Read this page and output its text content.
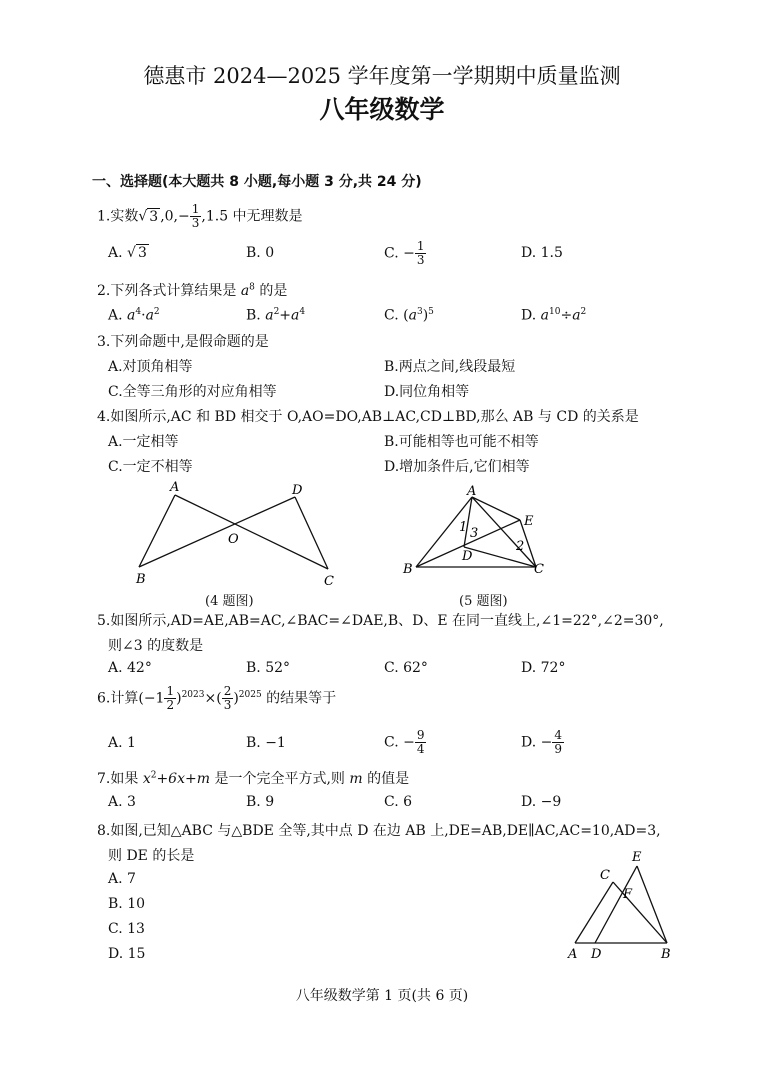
德惠市 2024—2025 学年度第一学期期中质量监测
八年级数学
一、选择题(本大题共 8 小题,每小题 3 分,共 24 分)
1.实数√ 3 $,0,- \frac{1}{3} ,1.5$ 中无理数是
A. √ 3	B. 0	C. − $\frac{1}{3}$	D. 1.5
2.下列各式计算结果是 $a^8$ 的是
A. $a^4\cdot a^2$	B. $a^2+a^4$	C. $(a^3)^5$	D. $a^{10}\div a^2$
3.下列命题中,是假命题的是
A.对顶角相等	B.两点之间,线段最短
C.全等三角形的对应角相等	D.同位角相等
4.如图所示,AC 和 BD 相交于 O,AO=DO,AB⊥AC,CD⊥BD,那么 AB 与 CD 的关系是
A.一定相等	B.可能相等也可能不相等
C.一定不相等	D.增加条件后,它们相等
A	D
O
B	C
(4 题图)
A
E
1 3
D
2
B	C
(5 题图)
5.如图所示,AD=AE,AB=AC,∠BAC=∠DAE,B、D、E 在同一直线上,∠1=22°,∠2=30°,
则∠3 的度数是
A. 42°	B. 52°	C. 62°	D. 72°
6.计算$(-1 \frac{1}{2} )^{2023}\times( \frac{2}{3} )^{2025}$ 的结果等于
A. 1	B. −1	C. − $\frac{9}{4}$	D. − $\frac{4}{9}$
7.如果 $x^2+6x+m$ 是一个完全平方式,则 m 的值是
A. 3	B. 9	C. 6	D. −9
8.如图,已知△ABC 与△BDE 全等,其中点 D 在边 AB 上,DE=AB,DE∥AC,AC=10,AD=3,
则 DE 的长是
A. 7
B. 10
C. 13
D. 15
E
C
F
A D	B
八年级数学第 1 页(共 6 页)
